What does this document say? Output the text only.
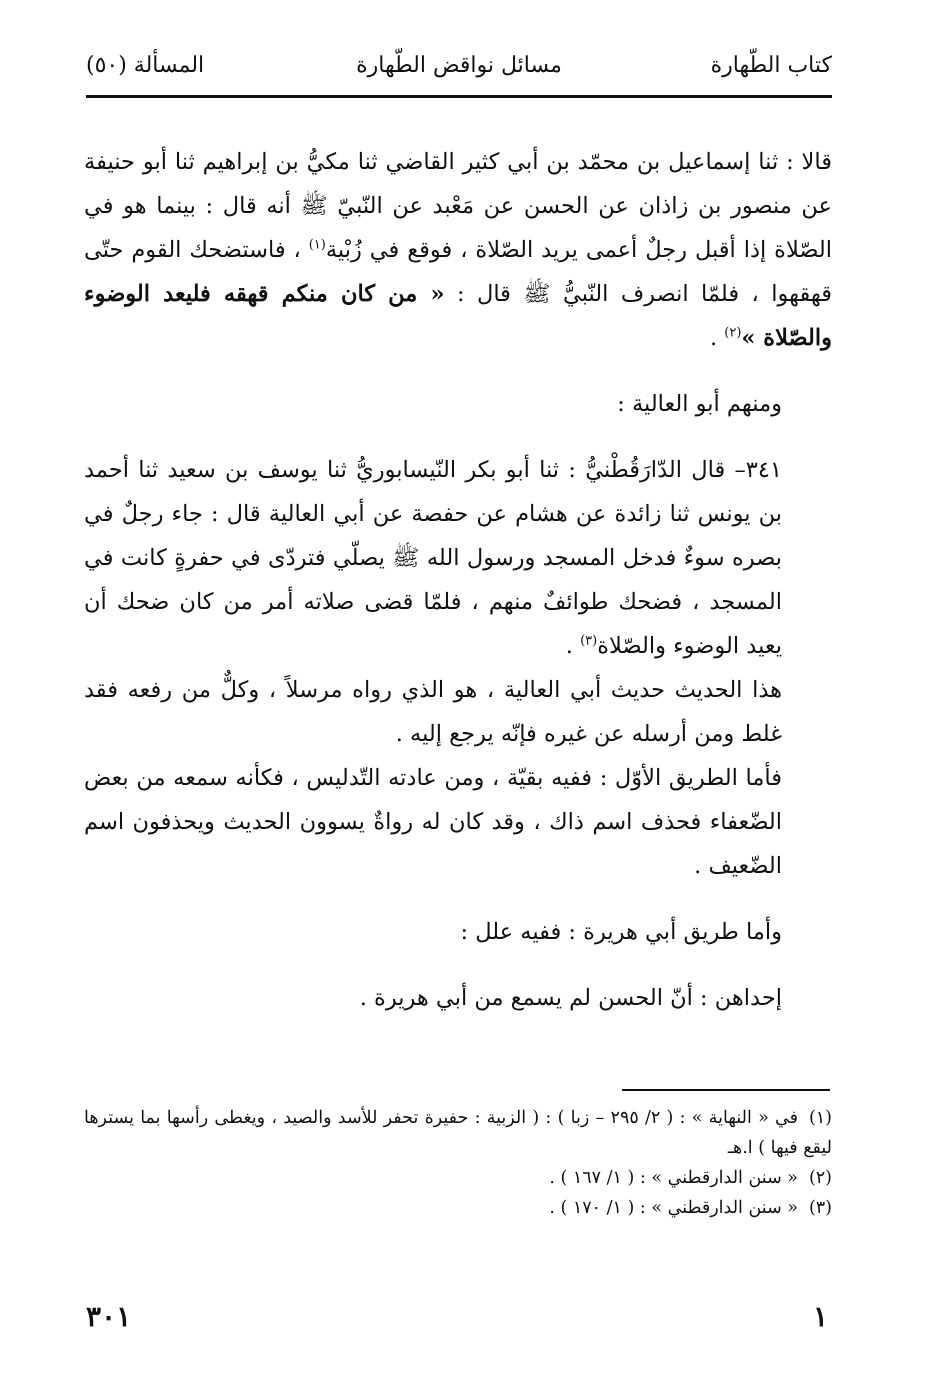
كتاب الطّهارة
مسائل نواقض الطّهارة
المسألة (٥٠)

قالا : ثنا إسماعيل بن محمّد بن أبي كثير القاضي ثنا مكيُّ بن إبراهيم ثنا أبو حنيفة عن منصور بن زاذان عن الحسن عن مَعْبد عن النّبيّ ﷺ أنه قال : بينما هو في الصّلاة إذا أقبل رجلٌ أعمى يريد الصّلاة ، فوقع في زُبْية$^{(١)}$ ، فاستضحك القوم حتّى قهقهوا ، فلمّا انصرف النّبيُّ ﷺ قال : « من كان منكم قهقه فليعد الوضوء والصّلاة »$^{(٢)}$ .

ومنهم أبو العالية :

٣٤١– قال الدّارَقُطْنيُّ : ثنا أبو بكر النّيسابوريُّ ثنا يوسف بن سعيد ثنا أحمد بن يونس ثنا زائدة عن هشام عن حفصة عن أبي العالية قال : جاء رجلٌ في بصره سوءٌ فدخل المسجد ورسول الله ﷺ يصلّي فتردّى في حفرةٍ كانت في المسجد ، فضحك طوائفٌ منهم ، فلمّا قضى صلاته أمر من كان ضحك أن يعيد الوضوء والصّلاة$^{(٣)}$ .

هذا الحديث حديث أبي العالية ، هو الذي رواه مرسلاً ، وكلٌّ من رفعه فقد غلط ومن أرسله عن غيره فإنّه يرجع إليه .

فأما الطريق الأوّل : ففيه بقيّة ، ومن عادته التّدليس ، فكأنه سمعه من بعض الضّعفاء فحذف اسم ذاك ، وقد كان له رواةٌ يسوون الحديث ويحذفون اسم الضّعيف .

وأما طريق أبي هريرة : ففيه علل :

إحداهن : أنّ الحسن لم يسمع من أبي هريرة .

(١)في « النهاية » : ( ٢/ ٢٩٥ – زبا ) : ( الزبية : حفيرة تحفر للأسد والصيد ، ويغطى رأسها بما يسترها ليقع فيها ) ا.هـ

(٢)« سنن الدارقطني » : ( ١/ ١٦٧ ) .

(٣)« سنن الدارقطني » : ( ١/ ١٧٠ ) .

١
٣٠١
